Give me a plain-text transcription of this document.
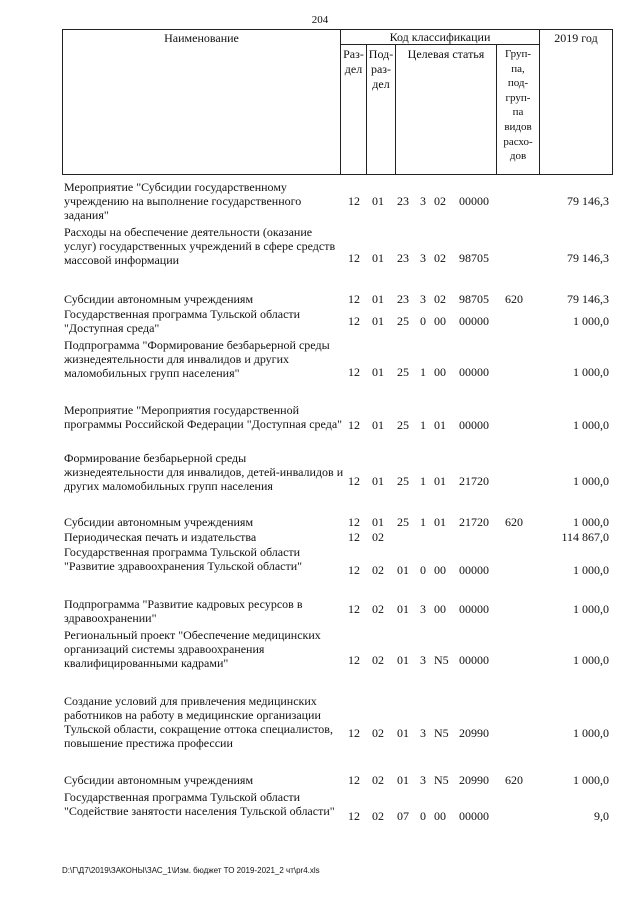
204
Наименование	Код классификации	2019 год
Раз-
дел
Под-
раз-
дел
Целевая статья	Груп-
па,
под-
груп-
па
видов
расхо-
дов
Мероприятие "Субсидии государственному учреждению на выполнение государственного задания"
12 01 23 3 02 00000	79 146,3
Расходы на обеспечение деятельности (оказание услуг) государственных учреждений в сфере средств массовой информации	12 01 23 3 02 98705	79 146,3
Субсидии автономным учреждениям	12 01 23 3 02 98705 620	79 146,3
Государственная программа Тульской области "Доступная среда"	12 01 25 0 00 00000	1 000,0
Подпрограмма "Формирование безбарьерной среды жизнедеятельности для инвалидов и других маломобильных групп населения"	12 01 25 1 00 00000	1 000,0
Мероприятие "Мероприятия государственной программы Российской Федерации "Доступная среда" 12 01 25 1 01 00000	1 000,0
Формирование безбарьерной среды жизнедеятельности для инвалидов, детей-инвалидов и других маломобильных групп населения	12 01 25 1 01 21720	1 000,0
Субсидии автономным учреждениям	12 01 25 1 01 21720 620	1 000,0
Периодическая печать и издательства	12 02	114 867,0
Государственная программа Тульской области "Развитие здравоохранения Тульской области"	12 02 01 0 00 00000	1 000,0
Подпрограмма "Развитие кадровых ресурсов в здравоохранении"
12 02 01 3 00 00000	1 000,0
Региональный проект "Обеспечение медицинских организаций системы здравоохранения квалифицированными кадрами"	12 02 01 3 N5 00000	1 000,0
Создание условий для привлечения медицинских работников на работу в медицинские организации Тульской области, сокращение оттока специалистов, повышение престижа профессии
12 02 01 3 N5 20990	1 000,0
Субсидии автономным учреждениям	12 02 01 3 N5 20990 620	1 000,0
Государственная программа Тульской области "Содействие занятости населения Тульской области"	12 02 07 0 00 00000	9,0
D:\Г\Д7\2019\ЗАКОНЫ\ЗАС_1\Изм. бюджет ТО 2019-2021_2 чт\pr4.xls
